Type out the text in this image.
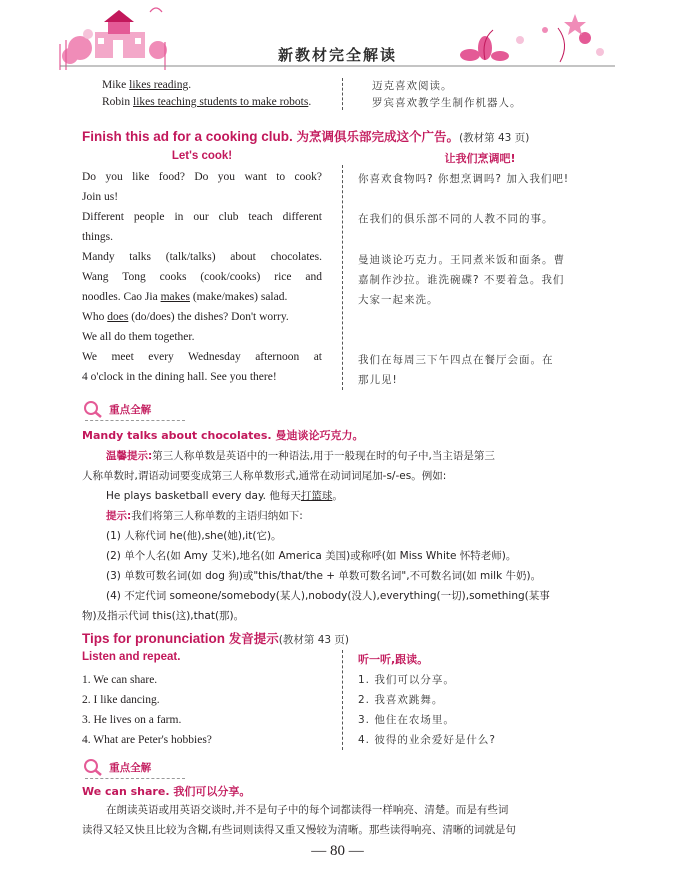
新教材完全解读
Mike likes reading.
Robin likes teaching students to make robots.
迈克喜欢阅读。
罗宾喜欢教学生制作机器人。
Finish this ad for a cooking club. 为烹调俱乐部完成这个广告。(教材第 43 页)
Let's cook!	让我们烹调吧!
Do you like food? Do you want to cook?
Join us!
Different people in our club teach different
things.
Mandy talks (talk/talks) about chocolates.
Wang Tong cooks (cook/cooks) rice and
noodles. Cao Jia makes (make/makes) salad.
Who does (do/does) the dishes? Don't worry.
We all do them together.
We meet every Wednesday afternoon at
4 o'clock in the dining hall. See you there!
你喜欢食物吗? 你想烹调吗? 加入我们吧!
在我们的俱乐部不同的人教不同的事。
曼迪谈论巧克力。王同煮米饭和面条。曹
嘉制作沙拉。谁洗碗碟? 不要着急。我们
大家一起来洗。
我们在每周三下午四点在餐厅会面。在
那儿见!
重点全解
Mandy talks about chocolates. 曼迪谈论巧克力。
温馨提示:第三人称单数是英语中的一种语法,用于一般现在时的句子中,当主语是第三
人称单数时,谓语动词要变成第三人称单数形式,通常在动词词尾加-s/-es。例如:
He plays basketball every day. 他每天打篮球。
提示:我们将第三人称单数的主语归纳如下:
(1) 人称代词 he(他),she(她),it(它)。
(2) 单个人名(如 Amy 艾米),地名(如 America 美国)或称呼(如 Miss White 怀特老师)。
(3) 单数可数名词(如 dog 狗)或"this/that/the + 单数可数名词",不可数名词(如 milk 牛奶)。
(4) 不定代词 someone/somebody(某人),nobody(没人),everything(一切),something(某事
物)及指示代词 this(这),that(那)。
Tips for pronunciation 发音提示(教材第 43 页)
Listen and repeat.	听一听,跟读。
1. We can share.
2. I like dancing.
3. He lives on a farm.
4. What are Peter's hobbies?
1. 我们可以分享。
2. 我喜欢跳舞。
3. 他住在农场里。
4. 彼得的业余爱好是什么?
重点全解
We can share. 我们可以分享。
在朗读英语或用英语交谈时,并不是句子中的每个词都读得一样响亮、清楚。而是有些词
读得又轻又快且比较为含糊,有些词则读得又重又慢较为清晰。那些读得响亮、清晰的词就是句
— 80 —
